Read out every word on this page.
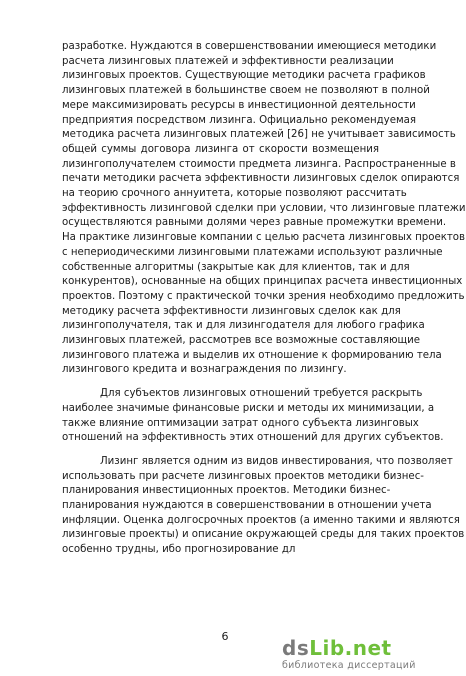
разработке. Нуждаются в совершенствовании имеющиеся методики
расчета лизинговых платежей и эффективности реализации
лизинговых проектов. Существующие методики расчета графиков
лизинговых платежей в большинстве своем не позволяют в полной
мере максимизировать ресурсы в инвестиционной деятельности
предприятия посредством лизинга. Официально рекомендуемая
методика расчета лизинговых платежей [26] не учитывает зависимость
общей суммы договора лизинга от скорости возмещения
лизингополучателем стоимости предмета лизинга. Распространенные в
печати методики расчета эффективности лизинговых сделок опираются
на теорию срочного аннуитета, которые позволяют рассчитать
эффективность лизинговой сделки при условии, что лизинговые платежи
осуществляются равными долями через равные промежутки времени.
На практике лизинговые компании с целью расчета лизинговых проектов
с непериодическими лизинговыми платежами используют различные
собственные алгоритмы (закрытые как для клиентов, так и для
конкурентов), основанные на общих принципах расчета инвестиционных
проектов. Поэтому с практической точки зрения необходимо предложить
методику расчета эффективности лизинговых сделок как для
лизингополучателя, так и для лизингодателя для любого графика
лизинговых платежей, рассмотрев все возможные составляющие
лизингового платежа и выделив их отношение к формированию тела
лизингового кредита и вознаграждения по лизингу.
Для субъектов лизинговых отношений требуется раскрыть
наиболее значимые финансовые риски и методы их минимизации, а
также влияние оптимизации затрат одного субъекта лизинговых
отношений на эффективность этих отношений для других субъектов.
Лизинг является одним из видов инвестирования, что позволяет
использовать при расчете лизинговых проектов методики бизнес-
планирования инвестиционных проектов. Методики бизнес-
планирования нуждаются в совершенствовании в отношении учета
инфляции. Оценка долгосрочных проектов (а именно такими и являются
лизинговые проекты) и описание окружающей среды для таких проектов
особенно трудны, ибо прогнозирование дл
6	dsLib.net
библиотека диссертаций
